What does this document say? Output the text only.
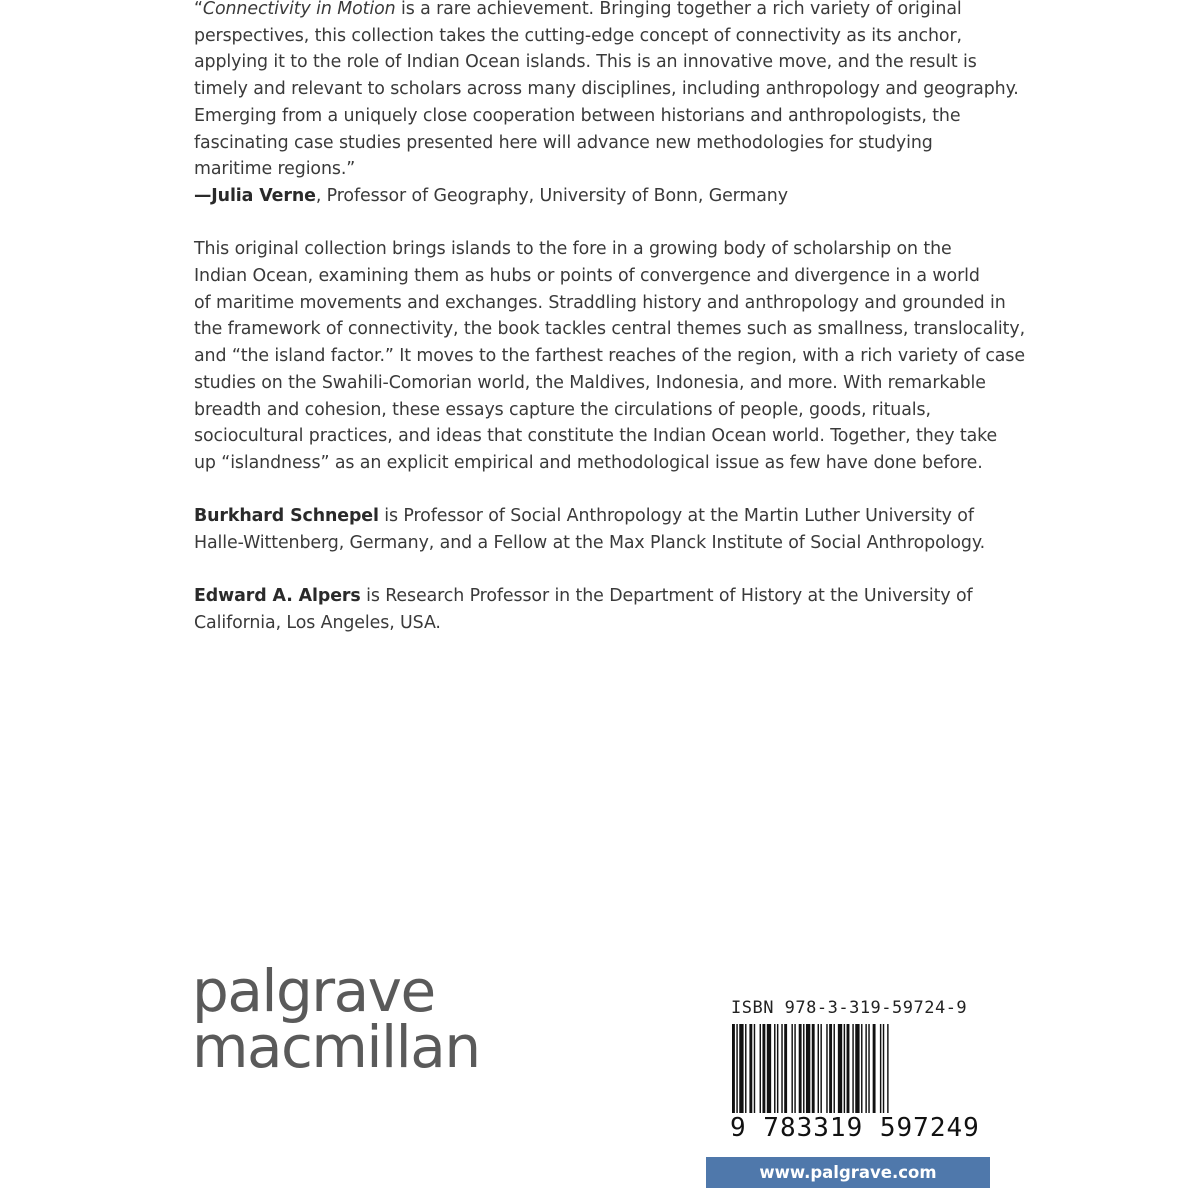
“Connectivity in Motion is a rare achievement. Bringing together a rich variety of original
perspectives, this collection takes the cutting-edge concept of connectivity as its anchor,
applying it to the role of Indian Ocean islands. This is an innovative move, and the result is
timely and relevant to scholars across many disciplines, including anthropology and geography.
Emerging from a uniquely close cooperation between historians and anthropologists, the
fascinating case studies presented here will advance new methodologies for studying
maritime regions.”
—Julia Verne, Professor of Geography, University of Bonn, Germany

This original collection brings islands to the fore in a growing body of scholarship on the
Indian Ocean, examining them as hubs or points of convergence and divergence in a world
of maritime movements and exchanges. Straddling history and anthropology and grounded in
the framework of connectivity, the book tackles central themes such as smallness, translocality,
and “the island factor.” It moves to the farthest reaches of the region, with a rich variety of case
studies on the Swahili-Comorian world, the Maldives, Indonesia, and more. With remarkable
breadth and cohesion, these essays capture the circulations of people, goods, rituals,
sociocultural practices, and ideas that constitute the Indian Ocean world. Together, they take
up “islandness” as an explicit empirical and methodological issue as few have done before.

Burkhard Schnepel is Professor of Social Anthropology at the Martin Luther University of
Halle-Wittenberg, Germany, and a Fellow at the Max Planck Institute of Social Anthropology.

Edward A. Alpers is Research Professor in the Department of History at the University of
California, Los Angeles, USA.

palgrave
macmillan
ISBN 978-3-319-59724-9
9 783319 597249
www.palgrave.com
